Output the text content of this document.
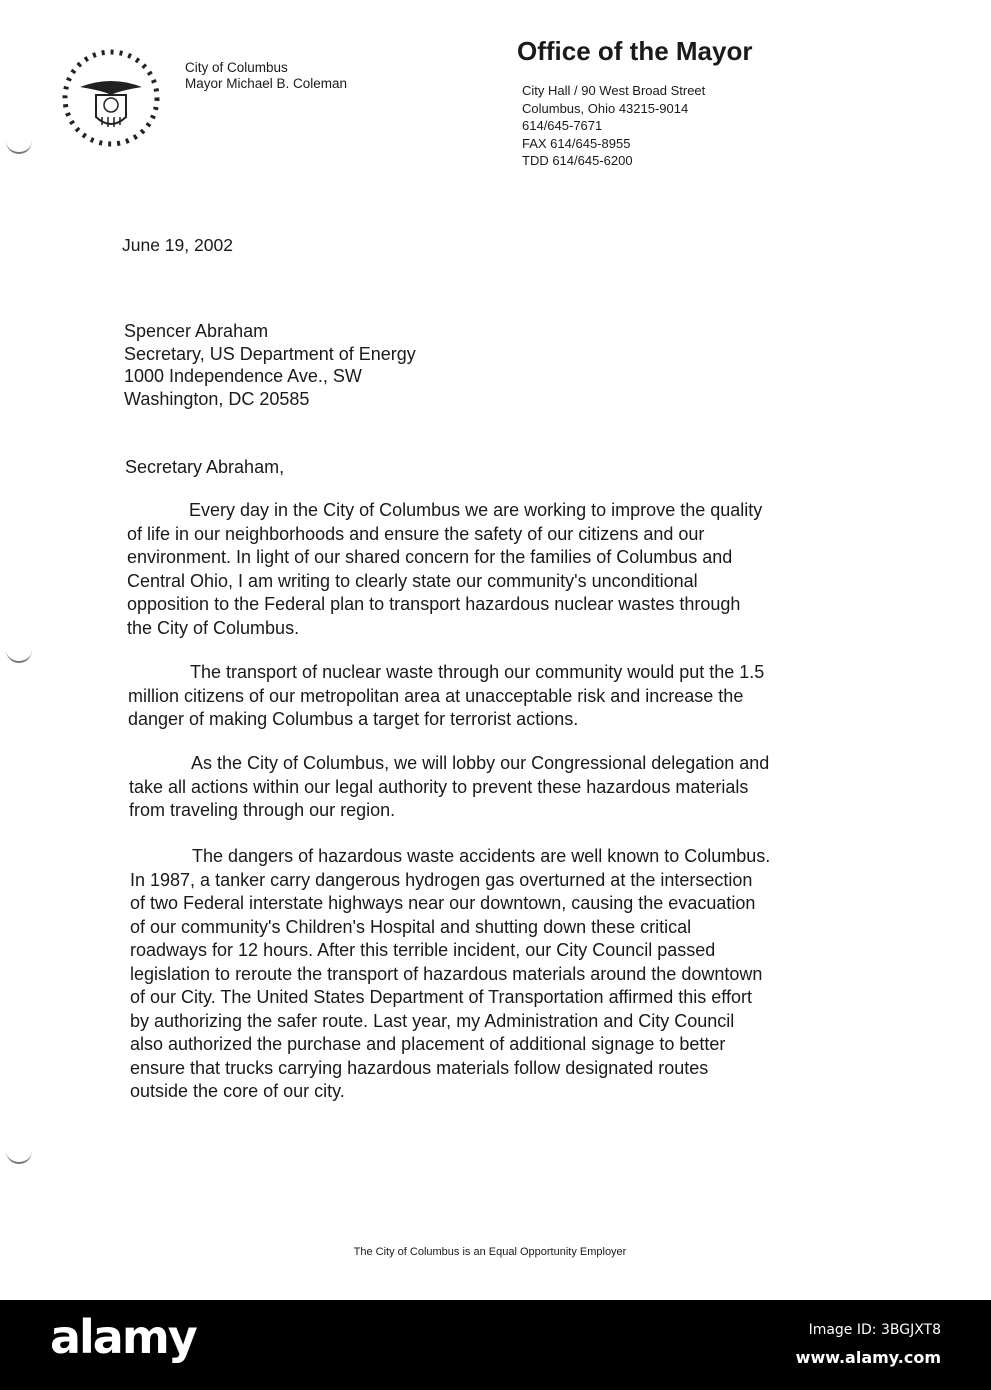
City of Columbus
Mayor Michael B. Coleman
Office of the Mayor
City Hall / 90 West Broad Street
Columbus, Ohio 43215-9014
614/645-7671
FAX 614/645-8955
TDD 614/645-6200
June 19, 2002
Spencer Abraham
Secretary, US Department of Energy
1000 Independence Ave., SW
Washington, DC 20585
Secretary Abraham,
Every day in the City of Columbus we are working to improve the quality
of life in our neighborhoods and ensure the safety of our citizens and our
environment. In light of our shared concern for the families of Columbus and
Central Ohio, I am writing to clearly state our community's unconditional
opposition to the Federal plan to transport hazardous nuclear wastes through
the City of Columbus.
The transport of nuclear waste through our community would put the 1.5
million citizens of our metropolitan area at unacceptable risk and increase the
danger of making Columbus a target for terrorist actions.
As the City of Columbus, we will lobby our Congressional delegation and
take all actions within our legal authority to prevent these hazardous materials
from traveling through our region.
The dangers of hazardous waste accidents are well known to Columbus.
In 1987, a tanker carry dangerous hydrogen gas overturned at the intersection
of two Federal interstate highways near our downtown, causing the evacuation
of our community's Children's Hospital and shutting down these critical
roadways for 12 hours. After this terrible incident, our City Council passed
legislation to reroute the transport of hazardous materials around the downtown
of our City. The United States Department of Transportation affirmed this effort
by authorizing the safer route. Last year, my Administration and City Council
also authorized the purchase and placement of additional signage to better
ensure that trucks carrying hazardous materials follow designated routes
outside the core of our city.
The City of Columbus is an Equal Opportunity Employer
alamy	Image ID: 3BGJXT8
www.alamy.com
